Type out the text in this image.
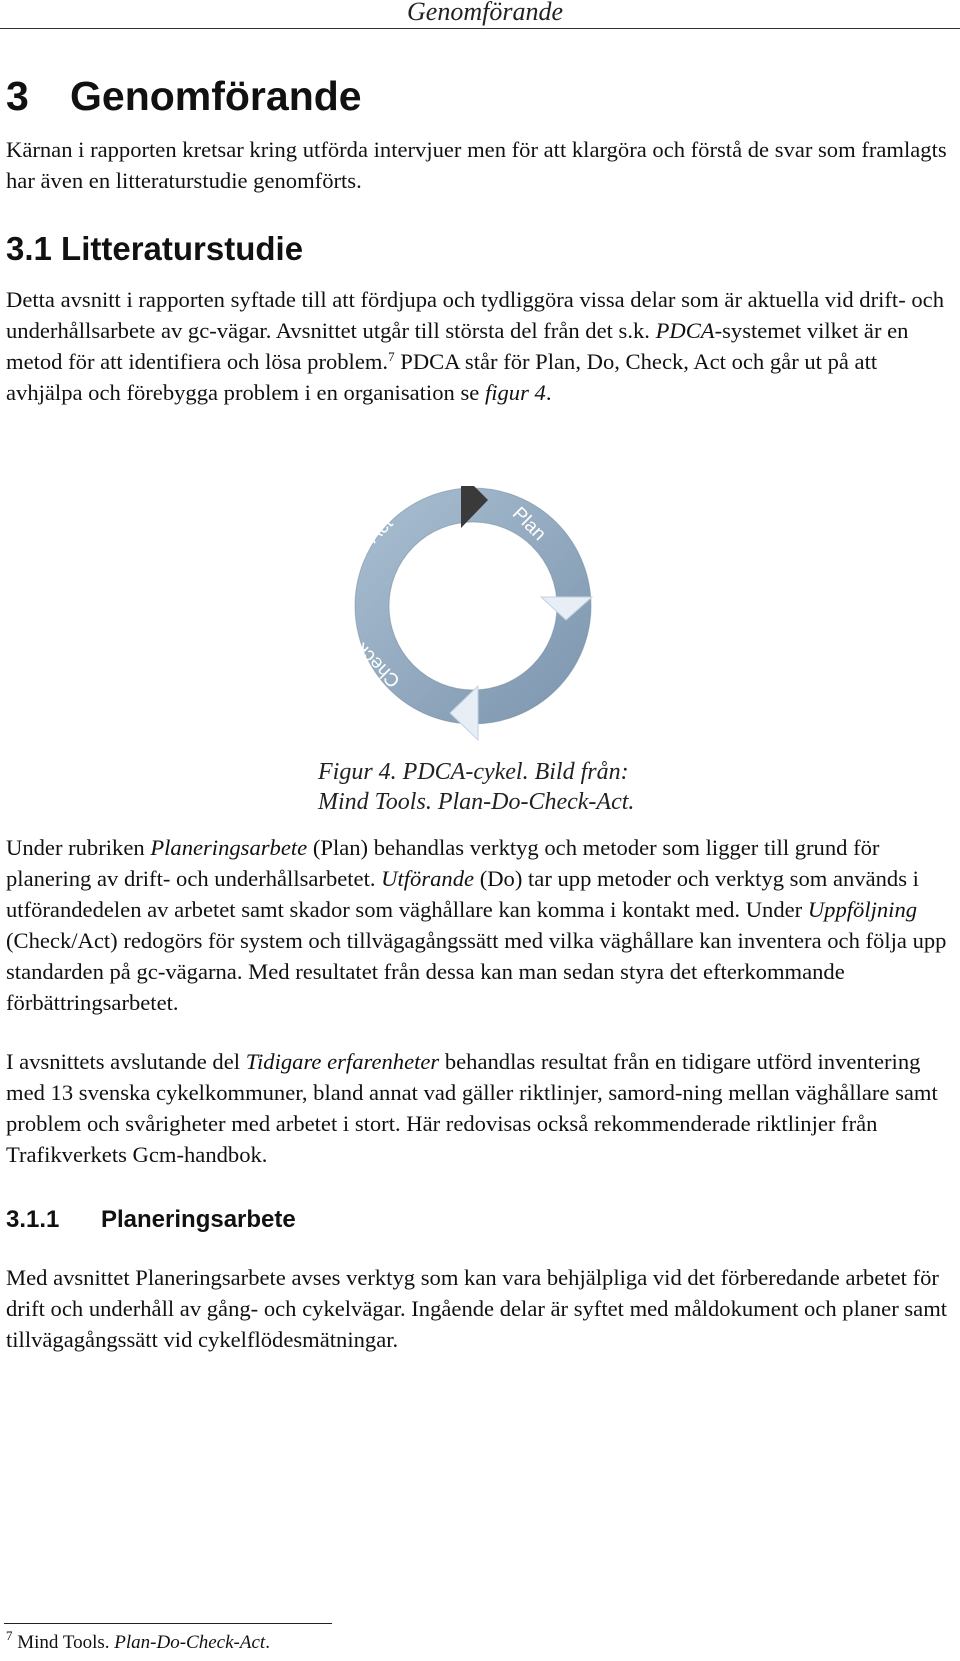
Genomförande
3 Genomförande

Kärnan i rapporten kretsar kring utförda intervjuer men för att klargöra och förstå de svar som framlagts har även en litteraturstudie genomförts.

3.1 Litteraturstudie

Detta avsnitt i rapporten syftade till att fördjupa och tydliggöra vissa delar som är aktuella vid drift- och underhållsarbete av gc-vägar. Avsnittet utgår till största del från det s.k. PDCA-systemet vilket är en metod för att identifiera och lösa problem.$^7$ PDCA står för Plan, Do, Check, Act och går ut på att avhjälpa och förebygga problem i en organisation se figur 4.

Plan
Do
Check
Act
Figur 4. PDCA-cykel. Bild från:
Mind Tools. Plan-Do-Check-Act.

Under rubriken Planeringsarbete (Plan) behandlas verktyg och metoder som ligger till grund för planering av drift- och underhållsarbetet. Utförande (Do) tar upp metoder och verktyg som används i utförandedelen av arbetet samt skador som väghållare kan komma i kontakt med. Under Uppföljning (Check/Act) redogörs för system och tillvägagångssätt med vilka väghållare kan inventera och följa upp standarden på gc-vägarna. Med resultatet från dessa kan man sedan styra det efterkommande förbättringsarbetet.

I avsnittets avslutande del Tidigare erfarenheter behandlas resultat från en tidigare utförd inventering med 13 svenska cykelkommuner, bland annat vad gäller riktlinjer, samord-ning mellan väghållare samt problem och svårigheter med arbetet i stort. Här redovisas också rekommenderade riktlinjer från Trafikverkets Gcm-handbok.

3.1.1 Planeringsarbete

Med avsnittet Planeringsarbete avses verktyg som kan vara behjälpliga vid det förberedande arbetet för drift och underhåll av gång- och cykelvägar. Ingående delar är syftet med måldokument och planer samt tillvägagångssätt vid cykelflödesmätningar.

$^7$ Mind Tools. Plan-Do-Check-Act.
